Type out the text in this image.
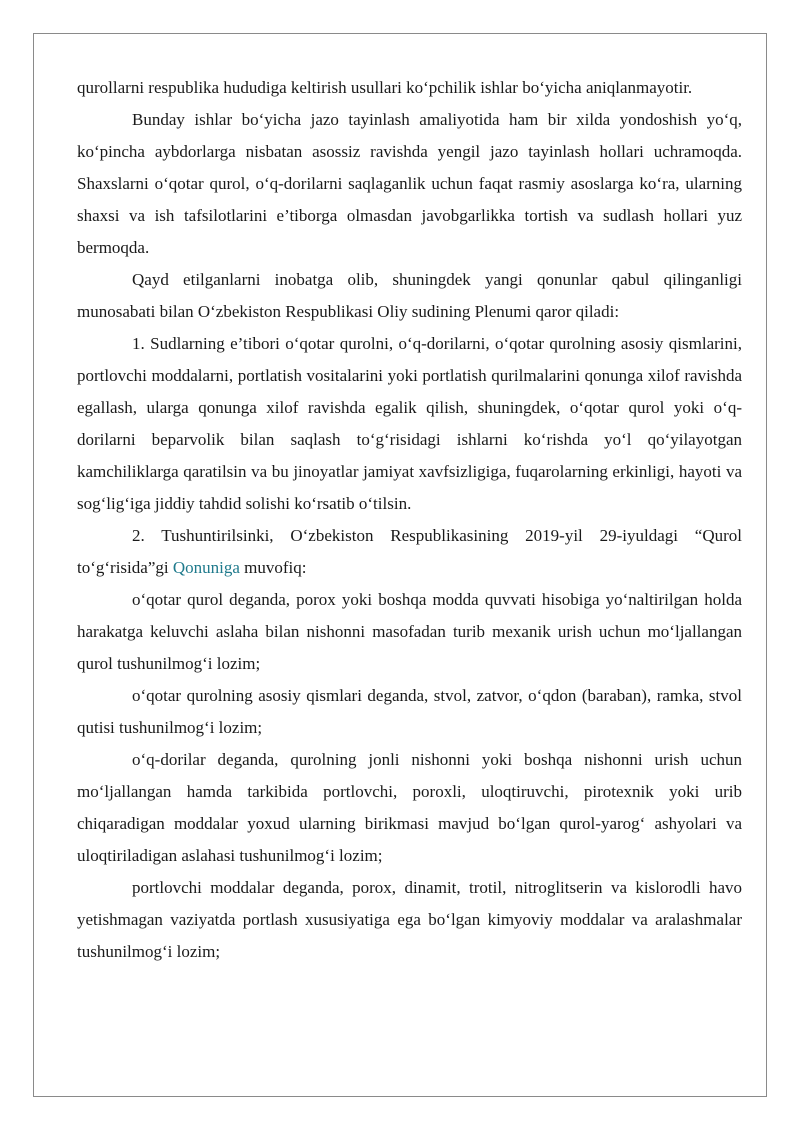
qurollarni respublika hududiga keltirish usullari ko‘pchilik ishlar bo‘yicha aniqlanmayotir.

Bunday ishlar bo‘yicha jazo tayinlash amaliyotida ham bir xilda yondoshish yo‘q, ko‘pincha aybdorlarga nisbatan asossiz ravishda yengil jazo tayinlash hollari uchramoqda. Shaxslarni o‘qotar qurol, o‘q-dorilarni saqlaganlik uchun faqat rasmiy asoslarga ko‘ra, ularning shaxsi va ish tafsilotlarini e’tiborga olmasdan javobgarlikka tortish va sudlash hollari yuz bermoqda.

Qayd etilganlarni inobatga olib, shuningdek yangi qonunlar qabul qilinganligi munosabati bilan O‘zbekiston Respublikasi Oliy sudining Plenumi qaror qiladi:

1. Sudlarning e’tibori o‘qotar qurolni, o‘q-dorilarni, o‘qotar qurolning asosiy qismlarini, portlovchi moddalarni, portlatish vositalarini yoki portlatish qurilmalarini qonunga xilof ravishda egallash, ularga qonunga xilof ravishda egalik qilish, shuningdek, o‘qotar qurol yoki o‘q-dorilarni beparvolik bilan saqlash to‘g‘risidagi ishlarni ko‘rishda yo‘l qo‘yilayotgan kamchiliklarga qaratilsin va bu jinoyatlar jamiyat xavfsizligiga, fuqarolarning erkinligi, hayoti va sog‘lig‘iga jiddiy tahdid solishi ko‘rsatib o‘tilsin.

2. Tushuntirilsinki, O‘zbekiston Respublikasining 2019-yil 29-iyuldagi “Qurol to‘g‘risida”gi Qonuniga muvofiq:

o‘qotar qurol deganda, porox yoki boshqa modda quvvati hisobiga yo‘naltirilgan holda harakatga keluvchi aslaha bilan nishonni masofadan turib mexanik urish uchun mo‘ljallangan qurol tushunilmog‘i lozim;

o‘qotar qurolning asosiy qismlari deganda, stvol, zatvor, o‘qdon (baraban), ramka, stvol qutisi tushunilmog‘i lozim;

o‘q-dorilar deganda, qurolning jonli nishonni yoki boshqa nishonni urish uchun mo‘ljallangan hamda tarkibida portlovchi, poroxli, uloqtiruvchi, pirotexnik yoki urib chiqaradigan moddalar yoxud ularning birikmasi mavjud bo‘lgan qurol-yarog‘ ashyolari va uloqtiriladigan aslahasi tushunilmog‘i lozim;

portlovchi moddalar deganda, porox, dinamit, trotil, nitroglitserin va kislorodli havo yetishmagan vaziyatda portlash xususiyatiga ega bo‘lgan kimyoviy moddalar va aralashmalar tushunilmog‘i lozim;
